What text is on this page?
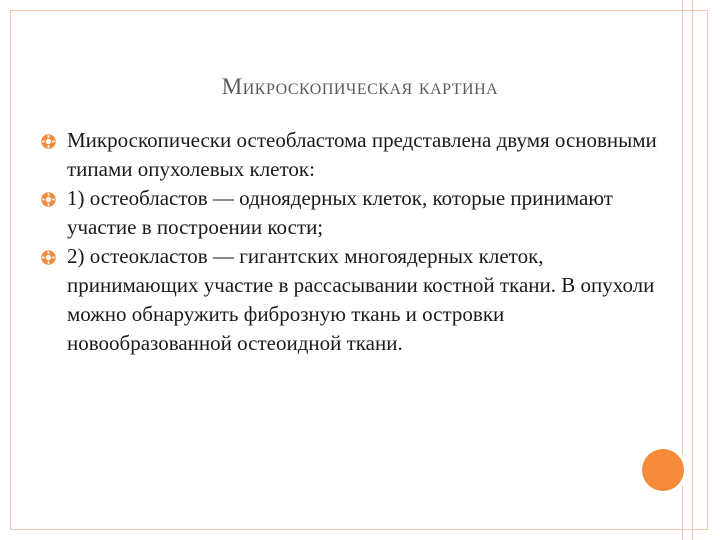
Микроскопическая картина
Микроскопически остеобластома представлена двумя основными типами опухолевых клеток:
1) остеобластов — одноядерных клеток, которые принимают участие в построении кости;
2) остеокластов — гигантских многоядерных клеток, принимающих участие в рассасывании костной ткани. В опухоли можно обнаружить фиброзную ткань и островки новообразованной остеоидной ткани.
